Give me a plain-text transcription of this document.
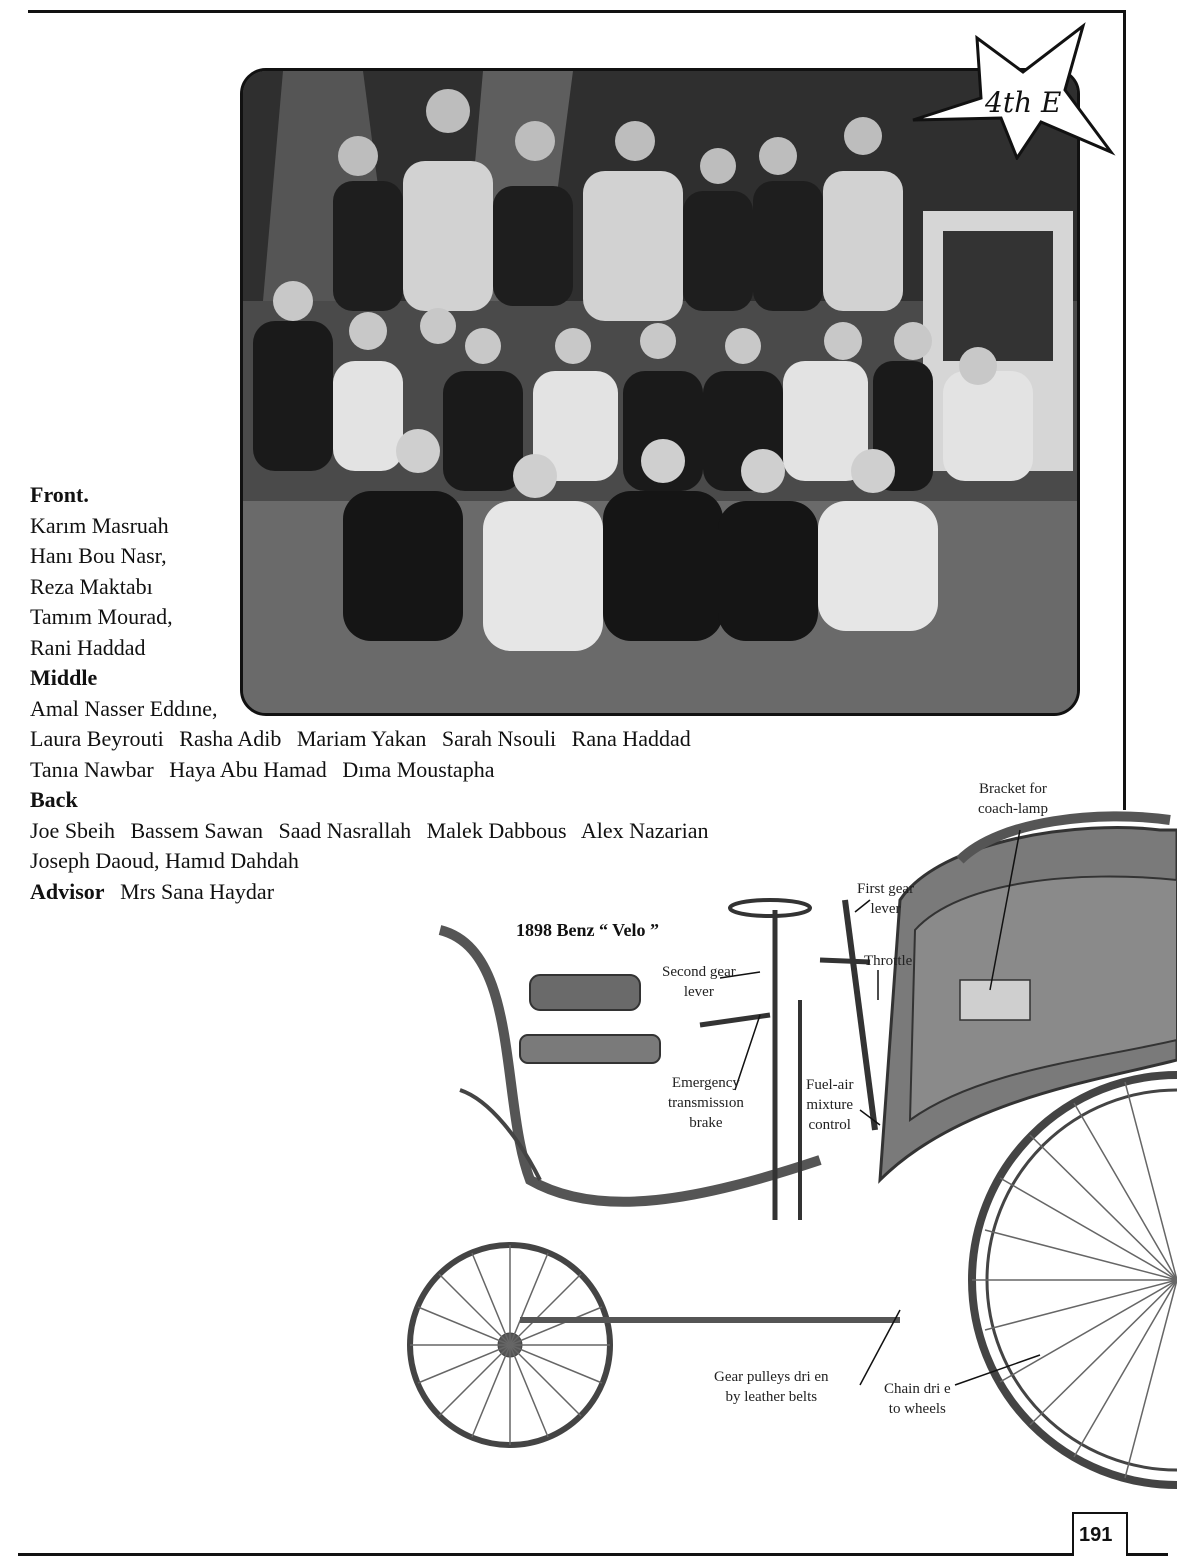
4th E
Front.
Karım Masruah
Hanı Bou Nasr,
Reza Maktabı
Tamım Mourad,
Rani Haddad
Middle
Amal Nasser Eddıne,
Laura Beyrouti Rasha Adib Mariam Yakan Sarah Nsouli Rana Haddad
Tanıa Nawbar Haya Abu Hamad Dıma Moustapha
Back
Joe Sbeih Bassem Sawan Saad Nasrallah Malek Dabbous Alex Nazarian
Joseph Daoud, Hamıd Dahdah
Advisor Mrs Sana Haydar
1898 Benz “ Velo ”
Bracket for
coach-lamp
First gear
lever
Throttle
Second gear
lever
Emergency
transmissıon
brake
Fuel-air
mixture
control
Gear pulleys dri en
by leather belts	Chain dri e
to wheels
191
